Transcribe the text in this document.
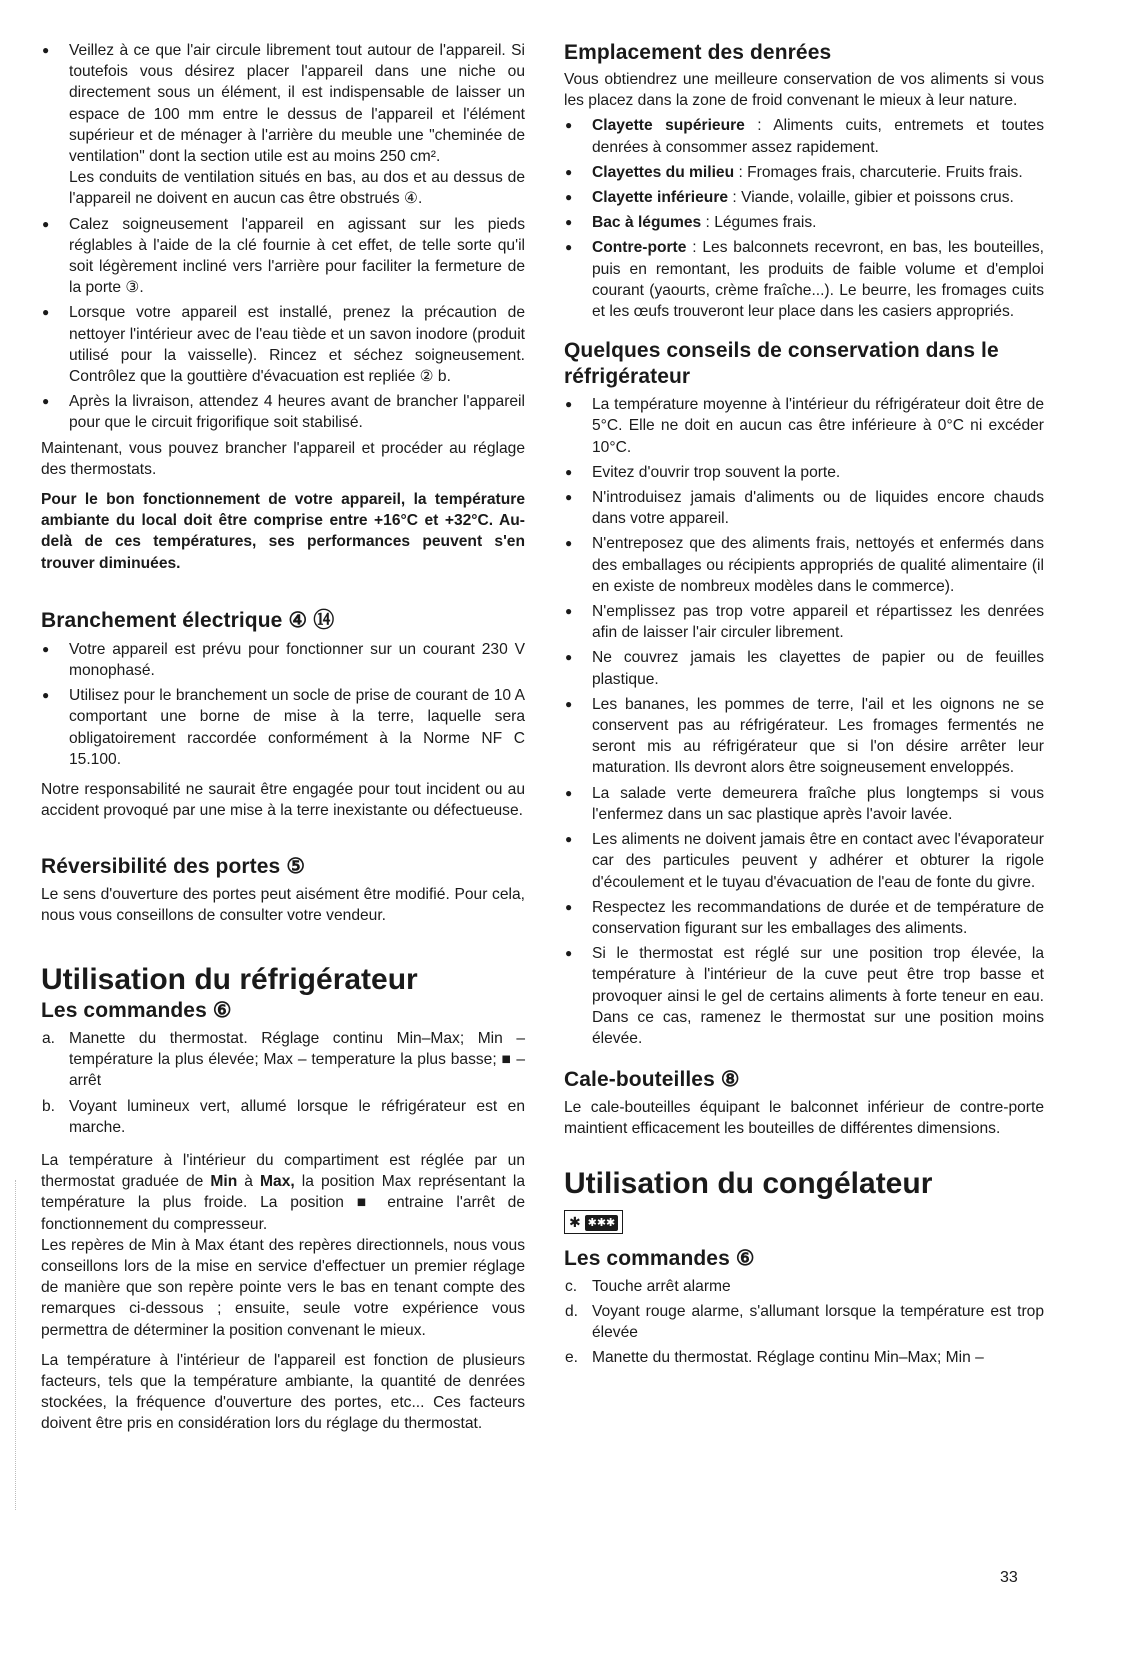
● Veillez à ce que l'air circule librement tout autour de l'appareil. Si toutefois vous désirez placer l'appareil dans une niche ou directement sous un élément, il est indispensable de laisser un espace de 100 mm entre le dessus de l'appareil et l'élément supérieur et de ménager à l'arrière du meuble une "cheminée de ventilation" dont la section utile est au moins 250 cm².

Les conduits de ventilation situés en bas, au dos et au dessus de l'appareil ne doivent en aucun cas être obstrués ④.

● Calez soigneusement l'appareil en agissant sur les pieds réglables à l'aide de la clé fournie à cet effet, de telle sorte qu'il soit légèrement incliné vers l'arrière pour faciliter la fermeture de la porte ③.
● Lorsque votre appareil est installé, prenez la précaution de nettoyer l'intérieur avec de l'eau tiède et un savon inodore (produit utilisé pour la vaisselle). Rincez et séchez soigneusement. Contrôlez que la gouttière d'évacuation est repliée ② b.
● Après la livraison, attendez 4 heures avant de brancher l'appareil pour que le circuit frigorifique soit stabilisé.

Maintenant, vous pouvez brancher l'appareil et procéder au réglage des thermostats.

Pour le bon fonctionnement de votre appareil, la température ambiante du local doit être comprise entre +16°C et +32°C. Au-delà de ces températures, ses performances peuvent s'en trouver diminuées.

Branchement électrique ④ ⑭
● Votre appareil est prévu pour fonctionner sur un courant 230 V monophasé.
● Utilisez pour le branchement un socle de prise de courant de 10 A comportant une borne de mise à la terre, laquelle sera obligatoirement raccordée conformément à la Norme NF C 15.100.

Notre responsabilité ne saurait être engagée pour tout incident ou au accident provoqué par une mise à la terre inexistante ou défectueuse.

Réversibilité des portes ⑤

Le sens d'ouverture des portes peut aisément être modifié. Pour cela, nous vous conseillons de consulter votre vendeur.

Utilisation du réfrigérateur
Les commandes ⑥
a. Manette du thermostat. Réglage continu Min–Max; Min – température la plus élevée; Max – temperature la plus basse; ■ – arrêt
b. Voyant lumineux vert, allumé lorsque le réfrigérateur est en marche.

La température à l'intérieur du compartiment est réglée par un thermostat graduée de Min à Max, la position Max représentant la température la plus froide. La position ■ entraine l'arrêt de fonctionnement du compresseur.

Les repères de Min à Max étant des repères directionnels, nous vous conseillons lors de la mise en service d'effectuer un premier réglage de manière que son repère pointe vers le bas en tenant compte des remarques ci-dessous ; ensuite, seule votre expérience vous permettra de déterminer la position convenant le mieux.

La température à l'intérieur de l'appareil est fonction de plusieurs facteurs, tels que la température ambiante, la quantité de denrées stockées, la fréquence d'ouverture des portes, etc... Ces facteurs doivent être pris en considération lors du réglage du thermostat.

Emplacement des denrées

Vous obtiendrez une meilleure conservation de vos aliments si vous les placez dans la zone de froid convenant le mieux à leur nature.

● Clayette supérieure : Aliments cuits, entremets et toutes denrées à consommer assez rapidement.
● Clayettes du milieu : Fromages frais, charcuterie. Fruits frais.
● Clayette inférieure : Viande, volaille, gibier et poissons crus.
● Bac à légumes : Légumes frais.
● Contre-porte : Les balconnets recevront, en bas, les bouteilles, puis en remontant, les produits de faible volume et d'emploi courant (yaourts, crème fraîche...). Le beurre, les fromages cuits et les œufs trouveront leur place dans les casiers appropriés.
Quelques conseils de conservation dans le réfrigérateur
● La température moyenne à l'intérieur du réfrigérateur doit être de 5°C. Elle ne doit en aucun cas être inférieure à 0°C ni excéder 10°C.
● Evitez d'ouvrir trop souvent la porte.
● N'introduisez jamais d'aliments ou de liquides encore chauds dans votre appareil.
● N'entreposez que des aliments frais, nettoyés et enfermés dans des emballages ou récipients appropriés de qualité alimentaire (il en existe de nombreux modèles dans le commerce).
● N'emplissez pas trop votre appareil et répartissez les denrées afin de laisser l'air circuler librement.
● Ne couvrez jamais les clayettes de papier ou de feuilles plastique.
● Les bananes, les pommes de terre, l'ail et les oignons ne se conservent pas au réfrigérateur. Les fromages fermentés ne seront mis au réfrigérateur que si l'on désire arrêter leur maturation. Ils devront alors être soigneusement enveloppés.
● La salade verte demeurera fraîche plus longtemps si vous l'enfermez dans un sac plastique après l'avoir lavée.
● Les aliments ne doivent jamais être en contact avec l'évaporateur car des particules peuvent y adhérer et obturer la rigole d'écoulement et le tuyau d'évacuation de l'eau de fonte du givre.
● Respectez les recommandations de durée et de température de conservation figurant sur les emballages des aliments.
● Si le thermostat est réglé sur une position trop élevée, la température à l'intérieur de la cuve peut être trop basse et provoquer ainsi le gel de certains aliments à forte teneur en eau. Dans ce cas, ramenez le thermostat sur une position moins élevée.
Cale-bouteilles ⑧

Le cale-bouteilles équipant le balconnet inférieur de contre-porte maintient efficacement les bouteilles de différentes dimensions.

Utilisation du congélateur
✱ ✱✱✱
Les commandes ⑥
c. Touche arrêt alarme
d. Voyant rouge alarme, s'allumant lorsque la température est trop élevée
e. Manette du thermostat. Réglage continu Min–Max; Min –
33
